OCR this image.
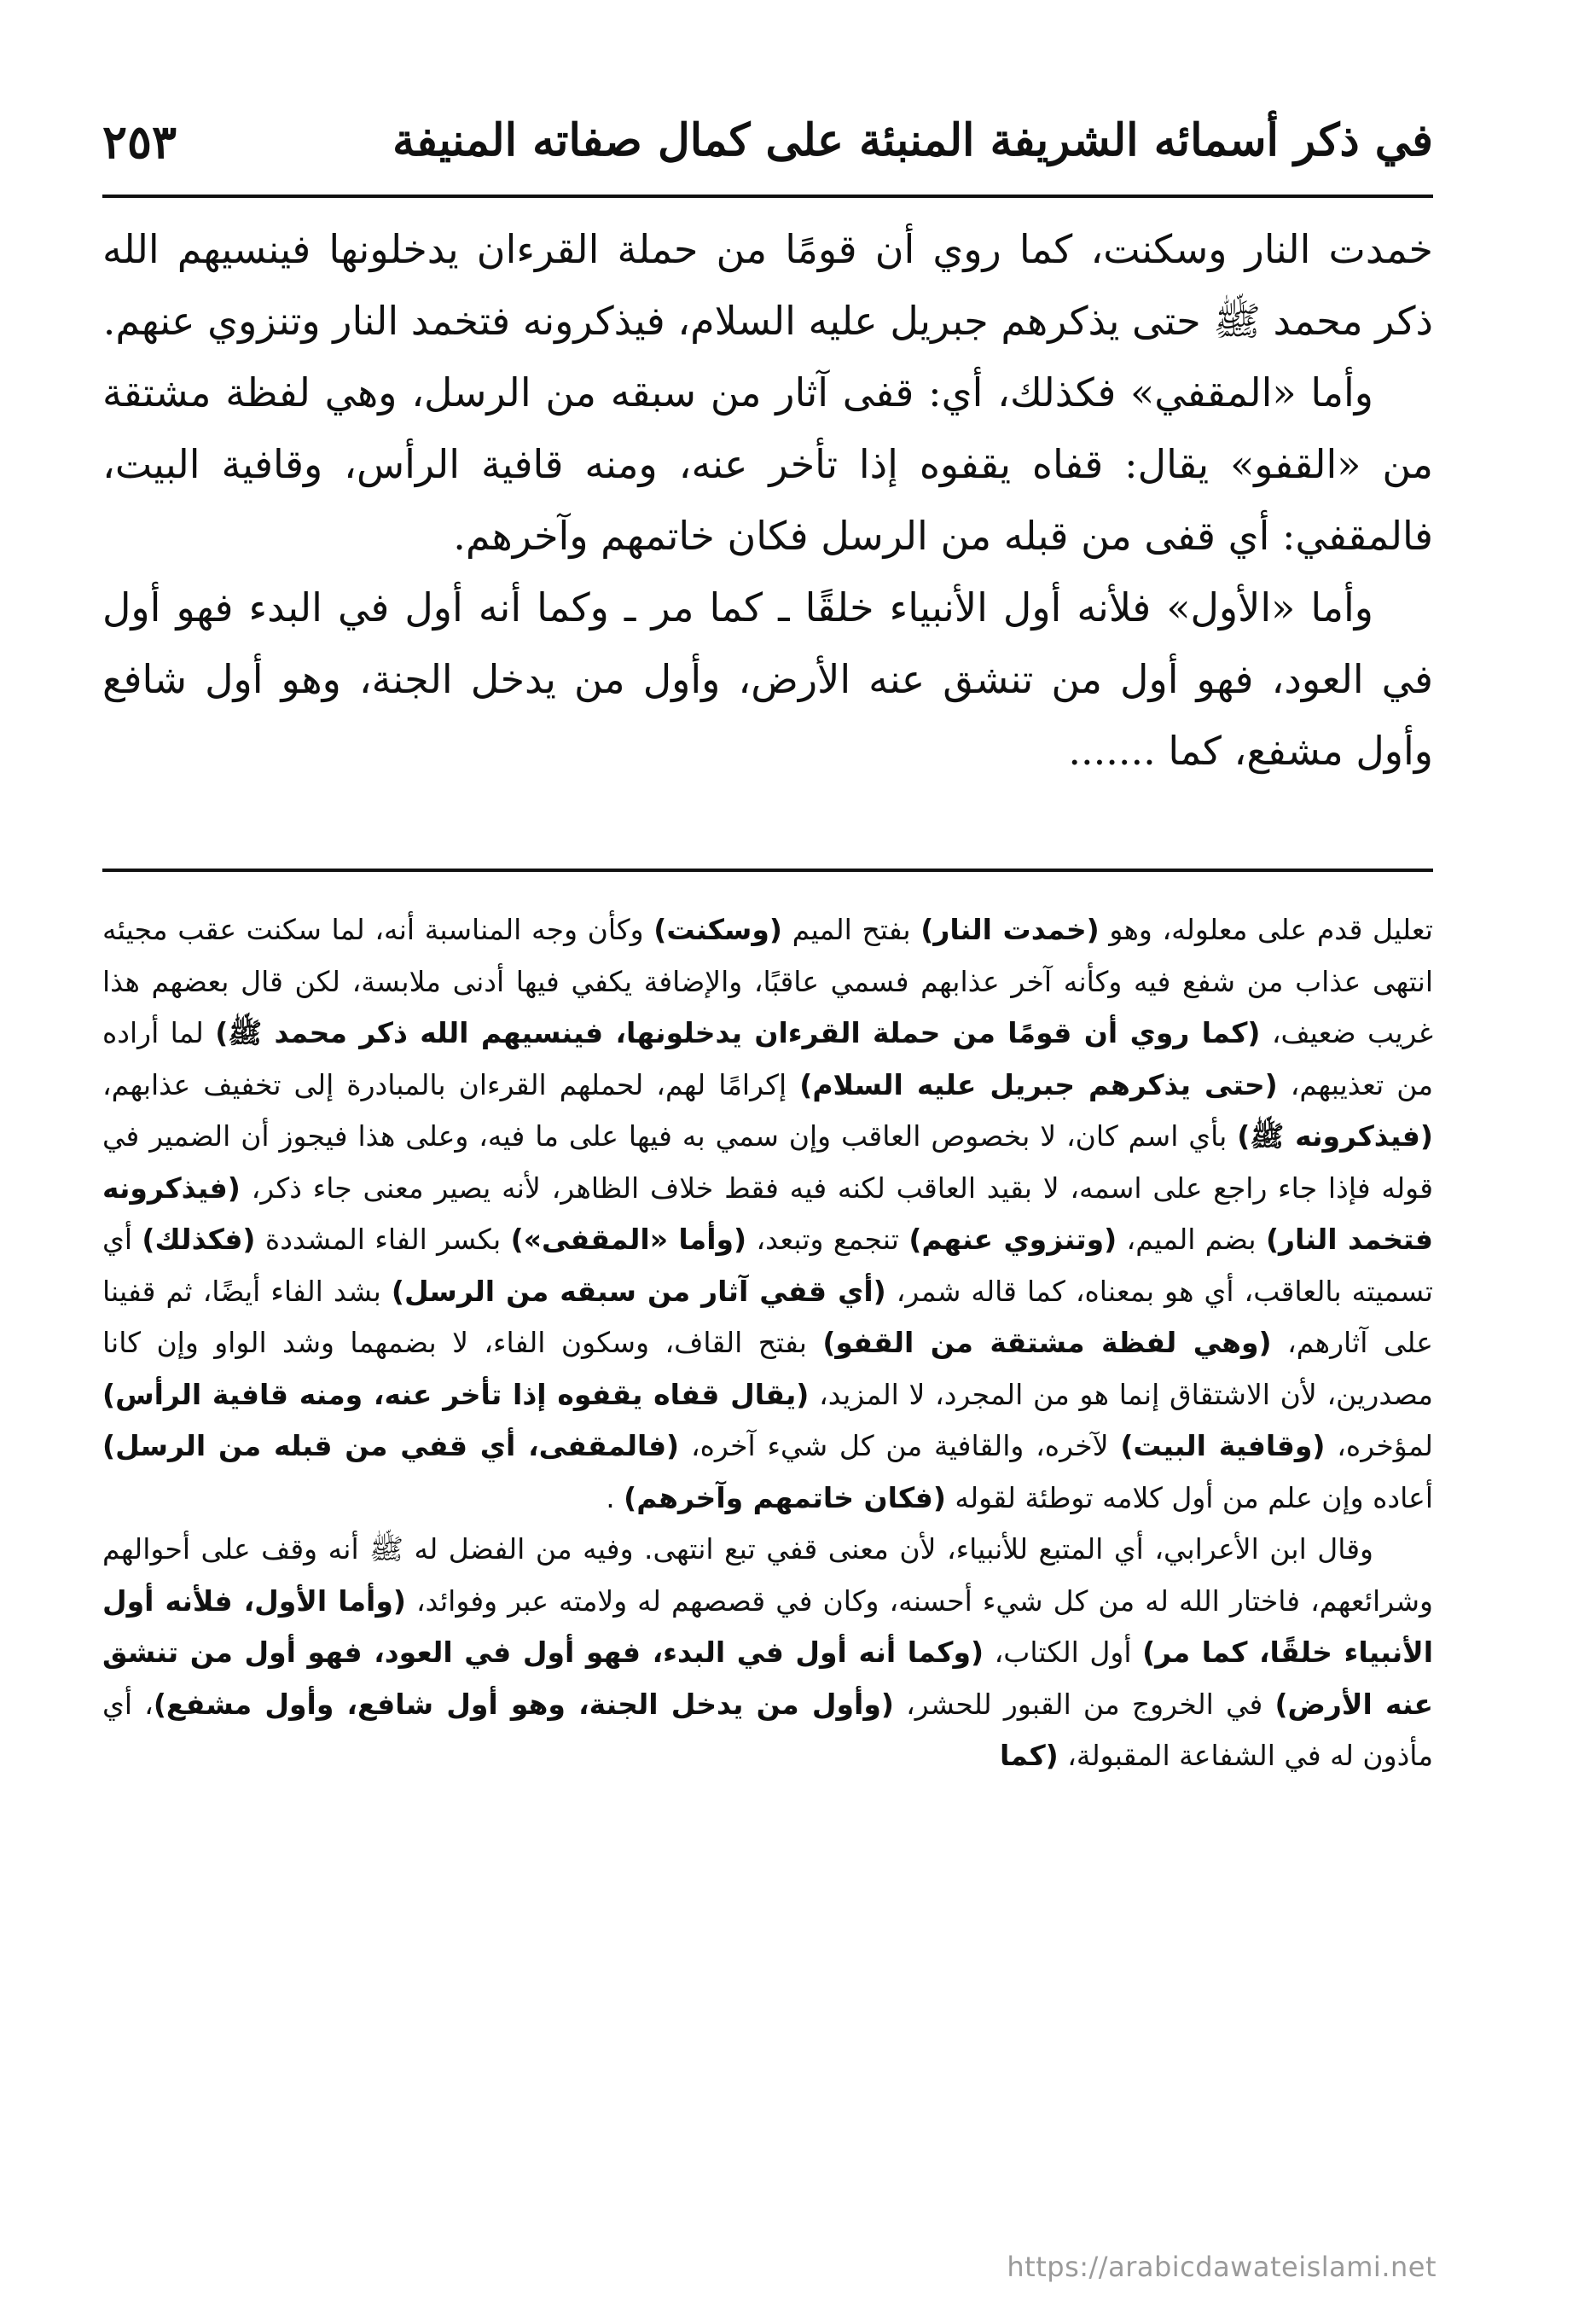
في ذكر أسمائه الشريفة المنبئة على كمال صفاته المنيفة
٢٥٣

خمدت النار وسكنت، كما روي أن قومًا من حملة القرءان يدخلونها فينسيهم الله ذكر محمد ﷺ حتى يذكرهم جبريل عليه السلام، فيذكرونه فتخمد النار وتنزوي عنهم.

وأما «المقفي» فكذلك، أي: قفى آثار من سبقه من الرسل، وهي لفظة مشتقة من «القفو» يقال: قفاه يقفوه إذا تأخر عنه، ومنه قافية الرأس، وقافية البيت، فالمقفي: أي قفى من قبله من الرسل فكان خاتمهم وآخرهم.

وأما «الأول» فلأنه أول الأنبياء خلقًا ـ كما مر ـ وكما أنه أول في البدء فهو أول في العود، فهو أول من تنشق عنه الأرض، وأول من يدخل الجنة، وهو أول شافع وأول مشفع، كما .......

تعليل قدم على معلوله، وهو (خمدت النار) بفتح الميم (وسكنت) وكأن وجه المناسبة أنه، لما سكنت عقب مجيئه انتهى عذاب من شفع فيه وكأنه آخر عذابهم فسمي عاقبًا، والإضافة يكفي فيها أدنى ملابسة، لكن قال بعضهم هذا غريب ضعيف، (كما روي أن قومًا من حملة القرءان يدخلونها، فينسيهم الله ذكر محمد ﷺ) لما أراده من تعذيبهم، (حتى يذكرهم جبريل عليه السلام) إكرامًا لهم، لحملهم القرءان بالمبادرة إلى تخفيف عذابهم، (فيذكرونه ﷺ) بأي اسم كان، لا بخصوص العاقب وإن سمي به فيها على ما فيه، وعلى هذا فيجوز أن الضمير في قوله فإذا جاء راجع على اسمه، لا بقيد العاقب لكنه فيه فقط خلاف الظاهر، لأنه يصير معنى جاء ذكر، (فيذكرونه فتخمد النار) بضم الميم، (وتنزوي عنهم) تنجمع وتبعد، (وأما «المقفى») بكسر الفاء المشددة (فكذلك) أي تسميته بالعاقب، أي هو بمعناه، كما قاله شمر، (أي قفي آثار من سبقه من الرسل) بشد الفاء أيضًا، ثم قفينا على آثارهم، (وهي لفظة مشتقة من القفو) بفتح القاف، وسكون الفاء، لا بضمهما وشد الواو وإن كانا مصدرين، لأن الاشتقاق إنما هو من المجرد، لا المزيد، (يقال قفاه يقفوه إذا تأخر عنه، ومنه قافية الرأس) لمؤخره، (وقافية البيت) لآخره، والقافية من كل شيء آخره، (فالمقفى، أي قفي من قبله من الرسل) أعاده وإن علم من أول كلامه توطئة لقوله (فكان خاتمهم وآخرهم) .

وقال ابن الأعرابي، أي المتبع للأنبياء، لأن معنى قفي تبع انتهى. وفيه من الفضل له ﷺ أنه وقف على أحوالهم وشرائعهم، فاختار الله له من كل شيء أحسنه، وكان في قصصهم له ولامته عبر وفوائد، (وأما الأول، فلأنه أول الأنبياء خلقًا، كما مر) أول الكتاب، (وكما أنه أول في البدء، فهو أول في العود، فهو أول من تنشق عنه الأرض) في الخروج من القبور للحشر، (وأول من يدخل الجنة، وهو أول شافع، وأول مشفع)، أي مأذون له في الشفاعة المقبولة، (كما

https://arabicdawateislami.net
